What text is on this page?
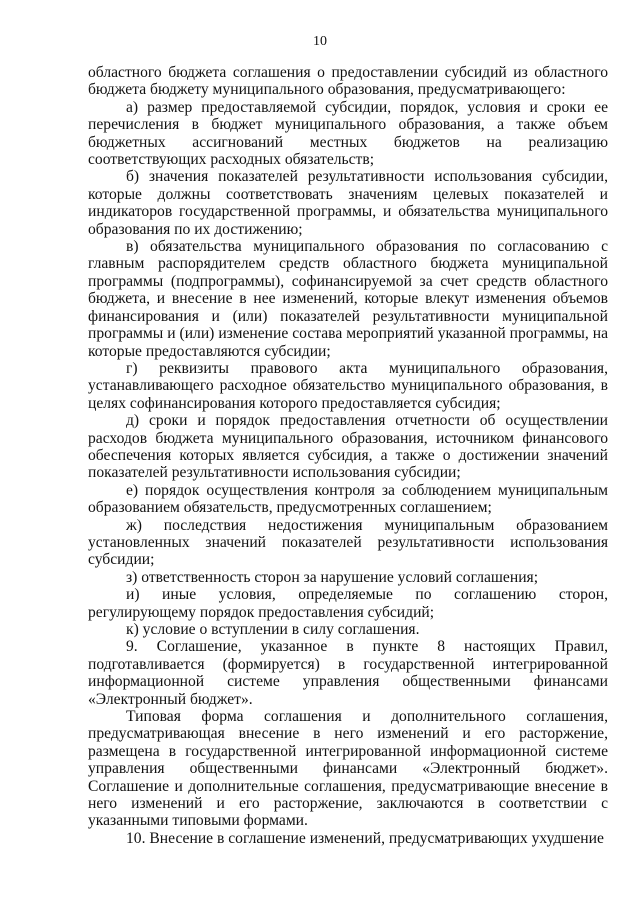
10

областного бюджета соглашения о предоставлении субсидий из областного бюджета бюджету муниципального образования, предусматривающего:

а) размер предоставляемой субсидии, порядок, условия и сроки ее перечисления в бюджет муниципального образования, а также объем бюджетных ассигнований местных бюджетов на реализацию соответствующих расходных обязательств;

б) значения показателей результативности использования субсидии, которые должны соответствовать значениям целевых показателей и индикаторов государственной программы, и обязательства муниципального образования по их достижению;

в) обязательства муниципального образования по согласованию с главным распорядителем средств областного бюджета муниципальной программы (подпрограммы), софинансируемой за счет средств областного бюджета, и внесение в нее изменений, которые влекут изменения объемов финансирования и (или) показателей результативности муниципальной программы и (или) изменение состава мероприятий указанной программы, на которые предоставляются субсидии;

г) реквизиты правового акта муниципального образования, устанавливающего расходное обязательство муниципального образования, в целях софинансирования которого предоставляется субсидия;

д) сроки и порядок предоставления отчетности об осуществлении расходов бюджета муниципального образования, источником финансового обеспечения которых является субсидия, а также о достижении значений показателей результативности использования субсидии;

е) порядок осуществления контроля за соблюдением муниципальным образованием обязательств, предусмотренных соглашением;

ж) последствия недостижения муниципальным образованием установленных значений показателей результативности использования субсидии;

з) ответственность сторон за нарушение условий соглашения;

и) иные условия, определяемые по соглашению сторон, регулирующему порядок предоставления субсидий;

к) условие о вступлении в силу соглашения.

9. Соглашение, указанное в пункте 8 настоящих Правил, подготавливается (формируется) в государственной интегрированной информационной системе управления общественными финансами «Электронный бюджет».

Типовая форма соглашения и дополнительного соглашения, предусматривающая внесение в него изменений и его расторжение, размещена в государственной интегрированной информационной системе управления общественными финансами «Электронный бюджет». Соглашение и дополнительные соглашения, предусматривающие внесение в него изменений и его расторжение, заключаются в соответствии с указанными типовыми формами.

10. Внесение в соглашение изменений, предусматривающих ухудшение
